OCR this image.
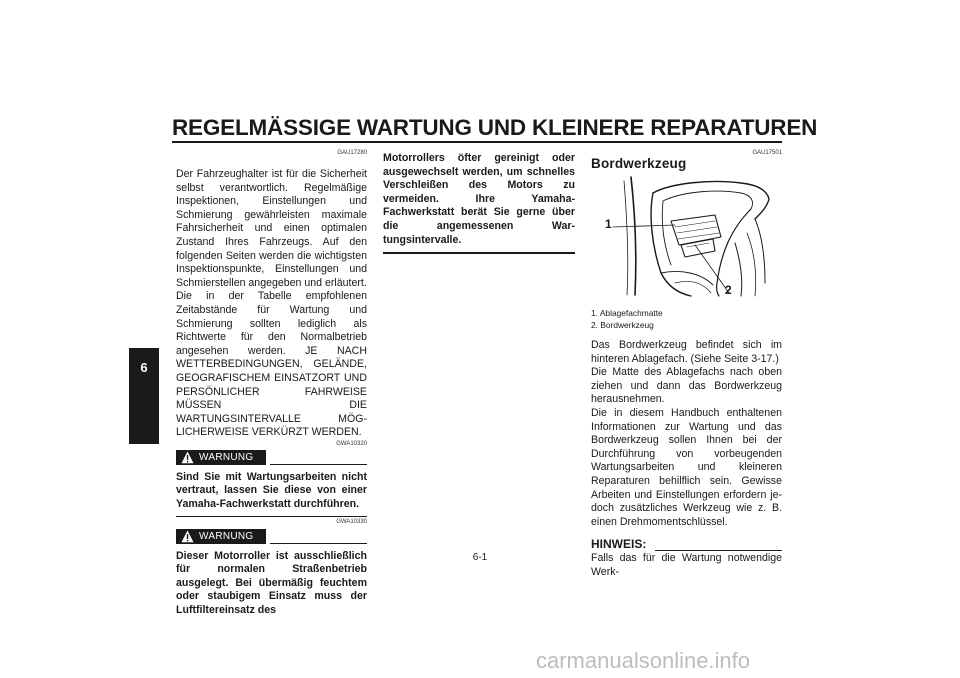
REGELMÄSSIGE WARTUNG UND KLEINERE REPARATUREN
6
GAU17280
Der Fahrzeughalter ist für die Sicherheit selbst verantwortlich. Regelmäßige Inspektionen, Einstellungen und Schmierung gewährleisten maximale Fahrsicherheit und einen optimalen Zustand Ihres Fahrzeugs. Auf den folgenden Seiten werden die wichtigsten Inspektionspunkte, Einstellungen und Schmierstellen angegeben und erläutert.
Die in der Tabelle empfohlenen Zeitabstände für Wartung und Schmierung sollten lediglich als Richtwerte für den Normalbetrieb angesehen werden. JE NACH WETTERBEDINGUNGEN, GELÄNDE, GEOGRAFISCHEM EINSATZORT UND PERSÖNLICHER FAHRWEISE MÜSSEN DIE WARTUNGSINTERVALLE MÖGLICHERWEISE VERKÜRZT WERDEN.
GWA10320
WARNUNG
Sind Sie mit Wartungsarbeiten nicht vertraut, lassen Sie diese von einer Yamaha-Fachwerkstatt durchführen.
GWA10330
WARNUNG
Dieser Motorroller ist ausschließlich für normalen Straßenbetrieb ausgelegt. Bei übermäßig feuchtem oder staubigem Einsatz muss der Luftfiltereinsatz des
Motorrollers öfter gereinigt oder ausgewechselt werden, um schnelles Verschleißen des Motors zu vermeiden. Ihre Yamaha-Fachwerkstatt berät Sie gerne über die angemessenen Wartungsintervalle.
GAU17501
Bordwerkzeug
1
2
1. Ablagefachmatte
2. Bordwerkzeug
Das Bordwerkzeug befindet sich im hinteren Ablagefach. (Siehe Seite 3-17.)
Die Matte des Ablagefachs nach oben ziehen und dann das Bordwerkzeug herausnehmen.
Die in diesem Handbuch enthaltenen Informationen zur Wartung und das Bordwerkzeug sollen Ihnen bei der Durchführung von vorbeugenden Wartungsarbeiten und kleineren Reparaturen behilflich sein. Gewisse Arbeiten und Einstellungen erfordern jedoch zusätzliches Werkzeug wie z. B. einen Drehmomentschlüssel.
HINWEIS:
Falls das für die Wartung notwendige Werk-
6-1
carmanualsonline.info
